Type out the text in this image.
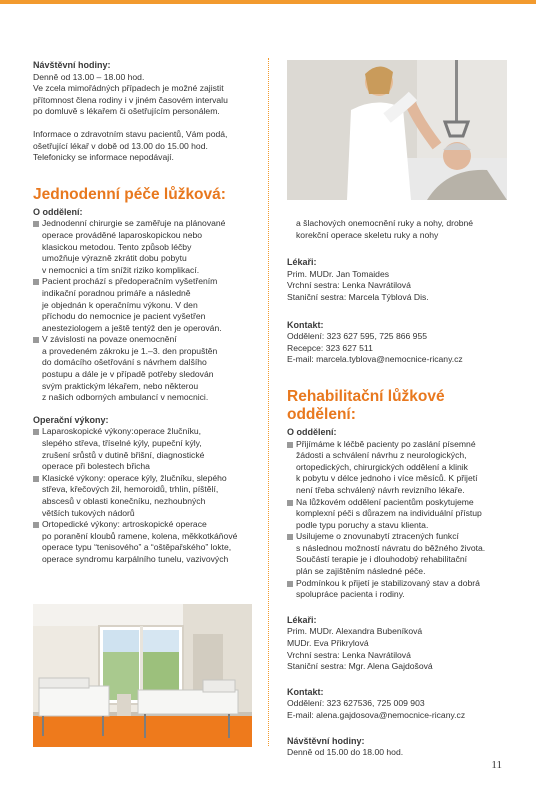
Návštěvní hodiny:

Denně od 13.00 – 18.00 hod.
Ve zcela mimořádných případech je možné zajistit
přítomnost člena rodiny i v jiném časovém intervalu
po domluvě s lékařem či ošetřujícím personálem.
Informace o zdravotním stavu pacientů, Vám podá,
ošetřující lékař v době od 13.00 do 15.00 hod.
Telefonicky se informace nepodávají.
Jednodenní péče lůžková:

O oddělení:

Jednodenní chirurgie se zaměřuje na plánované
operace prováděné laparoskopickou nebo
klasickou metodou. Tento způsob léčby
umožňuje výrazně zkrátit dobu pobytu
v nemocnici a tím snížit riziko komplikací.
Pacient prochází s předoperačním vyšetřením
indikační poradnou primáře a následně
je objednán k operačnímu výkonu. V den
příchodu do nemocnice je pacient vyšetřen
anesteziologem a ještě tentýž den je operován.
V závislosti na povaze onemocnění
a provedeném zákroku je 1.–3. den propuštěn
do domácího ošetřování s návrhem dalšího
postupu a dále je v případě potřeby sledován
svým praktickým lékařem, nebo některou
z našich odborných ambulancí v nemocnici.

Operační výkony:

Laparoskopické výkony:operace žlučníku,
slepého střeva, tříselné kýly, pupeční kýly,
zrušení srůstů v dutině břišní, diagnostické
operace při bolestech břicha
Klasické výkony: operace kýly, žlučníku, slepého
střeva, křečových žil, hemoroidů, trhlin, píštělí,
abscesů v oblasti konečníku, nezhoubných
větších tukových nádorů
Ortopedické výkony: artroskopické operace
po poranění kloubů ramene, kolena, měkkotkáňové
operace typu “tenisového” a “oštěpařského” lokte,
operace syndromu karpálního tunelu, vazivových
a šlachových onemocnění ruky a nohy, drobné
korekční operace skeletu ruky a nohy

Lékaři:

Prim. MUDr. Jan Tomaides
Vrchní sestra: Lenka Navrátilová
Staniční sestra: Marcela Týblová Dis.

Kontakt:

Oddělení: 323 627 595, 725 866 955
Recepce: 323 627 511
E-mail: marcela.tyblova@nemocnice-ricany.cz
Rehabilitační lůžkové oddělení:

O oddělení:

Přijímáme k léčbě pacienty po zaslání písemné
žádosti a schválení návrhu z neurologických,
ortopedických, chirurgických oddělení a klinik
k pobytu v délce jednoho i více měsíců. K přijetí
není třeba schválený návrh revizního lékaře.
Na lůžkovém oddělení pacientům poskytujeme
komplexní péči s důrazem na individuální přístup
podle typu poruchy a stavu klienta.
Usilujeme o znovunabytí ztracených funkcí
s následnou možností návratu do běžného života.
Součástí terapie je i dlouhodobý rehabilitační
plán se zajištěním následné péče.
Podmínkou k přijetí je stabilizovaný stav a dobrá
spolupráce pacienta i rodiny.

Lékaři:

Prim. MUDr. Alexandra Bubeníková
MUDr. Eva Přikrylová
Vrchní sestra: Lenka Navrátilová
Staniční sestra: Mgr. Alena Gajdošová

Kontakt:

Oddělení: 323 627536, 725 009 903
E-mail: alena.gajdosova@nemocnice-ricany.cz

Návštěvní hodiny:

Denně od 15.00 do 18.00 hod.
11
